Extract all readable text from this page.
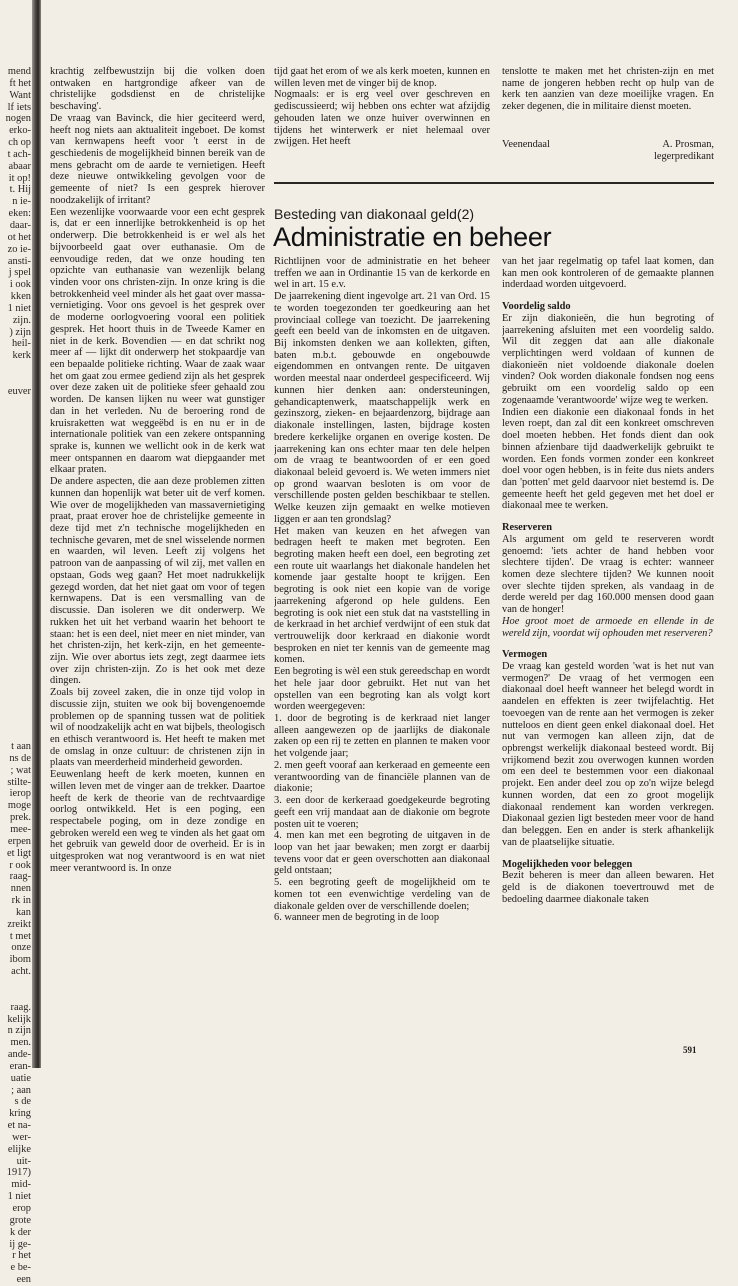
mend
ft het
Want
lf iets
nogen
erko-
ch op
t ach-
abaar
it op!
t. Hij
n ie-
eken:
daar-
ot het
zo ie-
ansti-
j spel
i ook
kken
1 niet
zijn.
) zijn
heil-
kerk
euver
t aan
ns de
; wat
stilte-
ierop
moge
prek.
mee-
erpen
et ligt
r ook
raag-
nnen
rk in
kan
zreikt
t met
onze
ibom
acht.
raag.
kelijk
n zijn
men.
ande-
eran-
uatie
; aan
s de
kring
et na-
wer-
elijke
uit-
1917)
mid-
1 niet
erop
grote
k der
ij ge-
r het
e be-
een

krachtig zelfbewustzijn bij die volken doen ontwaken en hartgrondige afkeer van de christelijke godsdienst en de christelijke beschaving'.

De vraag van Bavinck, die hier geciteerd werd, heeft nog niets aan aktualiteit ingeboet. De komst van kernwapens heeft voor 't eerst in de geschiedenis de mogelijkheid binnen bereik van de mens gebracht om de aarde te vernietigen. Heeft deze nieuwe ontwikkeling gevolgen voor de gemeente of niet? Is een gesprek hierover noodzakelijk of irritant?

Een wezenlijke voorwaarde voor een echt gesprek is, dat er een innerlijke betrokkenheid is op het onderwerp. Die betrokkenheid is er wel als het bijvoorbeeld gaat over euthanasie. Om de eenvoudige reden, dat we onze houding ten opzichte van euthanasie van wezenlijk belang vinden voor ons christen-zijn. In onze kring is die betrokkenheid veel minder als het gaat over massa-vernietiging. Voor ons gevoel is het gesprek over de moderne oorlogvoering vooral een politiek gesprek. Het hoort thuis in de Tweede Kamer en niet in de kerk. Bovendien — en dat schrikt nog meer af — lijkt dit onderwerp het stokpaardje van een bepaalde politieke richting. Waar de zaak waar het om gaat zou ermee gediend zijn als het gesprek over deze zaken uit de politieke sfeer gehaald zou worden. De kansen lijken nu weer wat gunstiger dan in het verleden. Nu de beroering rond de kruisraketten wat weggeëbd is en nu er in de internationale politiek van een zekere ontspanning sprake is, kunnen we wellicht ook in de kerk wat meer ontspannen en daarom wat diepgaander met elkaar praten.

De andere aspecten, die aan deze problemen zitten kunnen dan hopenlijk wat beter uit de verf komen. Wie over de mogelijkheden van massavernietiging praat, praat erover hoe de christelijke gemeente in deze tijd met z'n technische mogelijkheden en technische gevaren, met de snel wisselende normen en waarden, wil leven. Leeft zij volgens het patroon van de aanpassing of wil zij, met vallen en opstaan, Gods weg gaan? Het moet nadrukkelijk gezegd worden, dat het niet gaat om voor of tegen kernwapens. Dat is een versmalling van de discussie. Dan isoleren we dit onderwerp. We rukken het uit het verband waarin het behoort te staan: het is een deel, niet meer en niet minder, van het christen-zijn, het kerk-zijn, en het gemeente-zijn. Wie over abortus iets zegt, zegt daarmee iets over zijn christen-zijn. Zo is het ook met deze dingen.

Zoals bij zoveel zaken, die in onze tijd volop in discussie zijn, stuiten we ook bij bovengenoemde problemen op de spanning tussen wat de politiek wil of noodzakelijk acht en wat bijbels, theologisch en ethisch verantwoord is. Het heeft te maken met de omslag in onze cultuur: de christenen zijn in plaats van meerderheid minderheid geworden.

Eeuwenlang heeft de kerk moeten, kunnen en willen leven met de vinger aan de trekker. Daartoe heeft de kerk de theorie van de rechtvaardige oorlog ontwikkeld. Het is een poging, een respectabele poging, om in deze zondige en gebroken wereld een weg te vinden als het gaat om het gebruik van geweld door de overheid. Er is in uitgesproken wat nog verantwoord is en wat niet meer verantwoord is. In onze

tijd gaat het erom of we als kerk moeten, kunnen en willen leven met de vinger bij de knop.

Nogmaals: er is erg veel over geschreven en gediscussieerd; wij hebben ons echter wat afzijdig gehouden laten we onze huiver overwinnen en tijdens het winterwerk er niet helemaal over zwijgen. Het heeft

tenslotte te maken met het christen-zijn en met name de jongeren hebben recht op hulp van de kerk ten aanzien van deze moeilijke vragen. En zeker degenen, die in militaire dienst moeten.

Veenendaal	A. Prosman,
legerpredikant
Besteding van diakonaal geld(2)
Administratie en beheer

Richtlijnen voor de administratie en het beheer treffen we aan in Ordinantie 15 van de kerkorde en wel in art. 15 e.v.

De jaarrekening dient ingevolge art. 21 van Ord. 15 te worden toegezonden ter goedkeuring aan het provinciaal college van toezicht. De jaarrekening geeft een beeld van de inkomsten en de uitgaven. Bij inkomsten denken we aan kollekten, giften, baten m.b.t. gebouwde en ongebouwde eigendommen en ontvangen rente. De uitgaven worden meestal naar onderdeel gespecificeerd. Wij kunnen hier denken aan: ondersteuningen, gehandicaptenwerk, maatschappelijk werk en gezinszorg, zieken- en bejaardenzorg, bijdrage aan diakonale instellingen, lasten, bijdrage kosten bredere kerkelijke organen en overige kosten. De jaarrekening kan ons echter maar ten dele helpen om de vraag te beantwoorden of er een goed diakonaal beleid gevoerd is. We weten immers niet op grond waarvan besloten is om voor de verschillende posten gelden beschikbaar te stellen. Welke keuzen zijn gemaakt en welke motieven liggen er aan ten grondslag?

Het maken van keuzen en het afwegen van bedragen heeft te maken met begroten. Een begroting maken heeft een doel, een begroting zet een route uit waarlangs het diakonale handelen het komende jaar gestalte hoopt te krijgen. Een begroting is ook niet een kopie van de vorige jaarrekening afgerond op hele guldens. Een begroting is ook niet een stuk dat na vaststelling in de kerkraad in het archief verdwijnt of een stuk dat vertrouwelijk door kerkraad en diakonie wordt besproken en niet ter kennis van de gemeente mag komen.

Een begroting is wèl een stuk gereedschap en wordt het hele jaar door gebruikt. Het nut van het opstellen van een begroting kan als volgt kort worden weergegeven:

1. door de begroting is de kerkraad niet langer alleen aangewezen op de jaarlijks de diakonale zaken op een rij te zetten en plannen te maken voor het volgende jaar;

2. men geeft vooraf aan kerkeraad en gemeente een verantwoording van de financiële plannen van de diakonie;

3. een door de kerkeraad goedgekeurde begroting geeft een vrij mandaat aan de diakonie om begrote posten uit te voeren;

4. men kan met een begroting de uitgaven in de loop van het jaar bewaken; men zorgt er daarbij tevens voor dat er geen overschotten aan diakonaal geld ontstaan;

5. een begroting geeft de mogelijkheid om te komen tot een evenwichtige verdeling van de diakonale gelden over de verschillende doelen;

6. wanneer men de begroting in de loop

van het jaar regelmatig op tafel laat komen, dan kan men ook kontroleren of de gemaakte plannen inderdaad worden uitgevoerd.

Voordelig saldo

Er zijn diakonieën, die hun begroting of jaarrekening afsluiten met een voordelig saldo. Wil dit zeggen dat aan alle diakonale verplichtingen werd voldaan of kunnen de diakonieën niet voldoende diakonale doelen vinden? Ook worden diakonale fondsen nog eens gebruikt om een voordelig saldo op een zogenaamde 'verantwoorde' wijze weg te werken.

Indien een diakonie een diakonaal fonds in het leven roept, dan zal dit een konkreet omschreven doel moeten hebben. Het fonds dient dan ook binnen afzienbare tijd daadwerkelijk gebruikt te worden. Een fonds vormen zonder een konkreet doel voor ogen hebben, is in feite dus niets anders dan 'potten' met geld daarvoor niet bestemd is. De gemeente heeft het geld gegeven met het doel er diakonaal mee te werken.

Reserveren

Als argument om geld te reserveren wordt genoemd: 'iets achter de hand hebben voor slechtere tijden'. De vraag is echter: wanneer komen deze slechtere tijden? We kunnen nooit over slechte tijden spreken, als vandaag in de derde wereld per dag 160.000 mensen dood gaan van de honger!

Hoe groot moet de armoede en ellende in de wereld zijn, voordat wij ophouden met reserveren?

Vermogen

De vraag kan gesteld worden 'wat is het nut van vermogen?' De vraag of het vermogen een diakonaal doel heeft wanneer het belegd wordt in aandelen en effekten is zeer twijfelachtig. Het toevoegen van de rente aan het vermogen is zeker nutteloos en dient geen enkel diakonaal doel. Het nut van vermogen kan alleen zijn, dat de opbrengst werkelijk diakonaal besteed wordt. Bij vrijkomend bezit zou overwogen kunnen worden om een deel te bestemmen voor een diakonaal projekt. Een ander deel zou op zo'n wijze belegd kunnen worden, dat een zo groot mogelijk diakonaal rendement kan worden verkregen. Diakonaal gezien ligt besteden meer voor de hand dan beleggen. Een en ander is sterk afhankelijk van de plaatselijke situatie.

Mogelijkheden voor beleggen

Bezit beheren is meer dan alleen bewaren. Het geld is de diakonen toevertrouwd met de bedoeling daarmee diakonale taken

591
